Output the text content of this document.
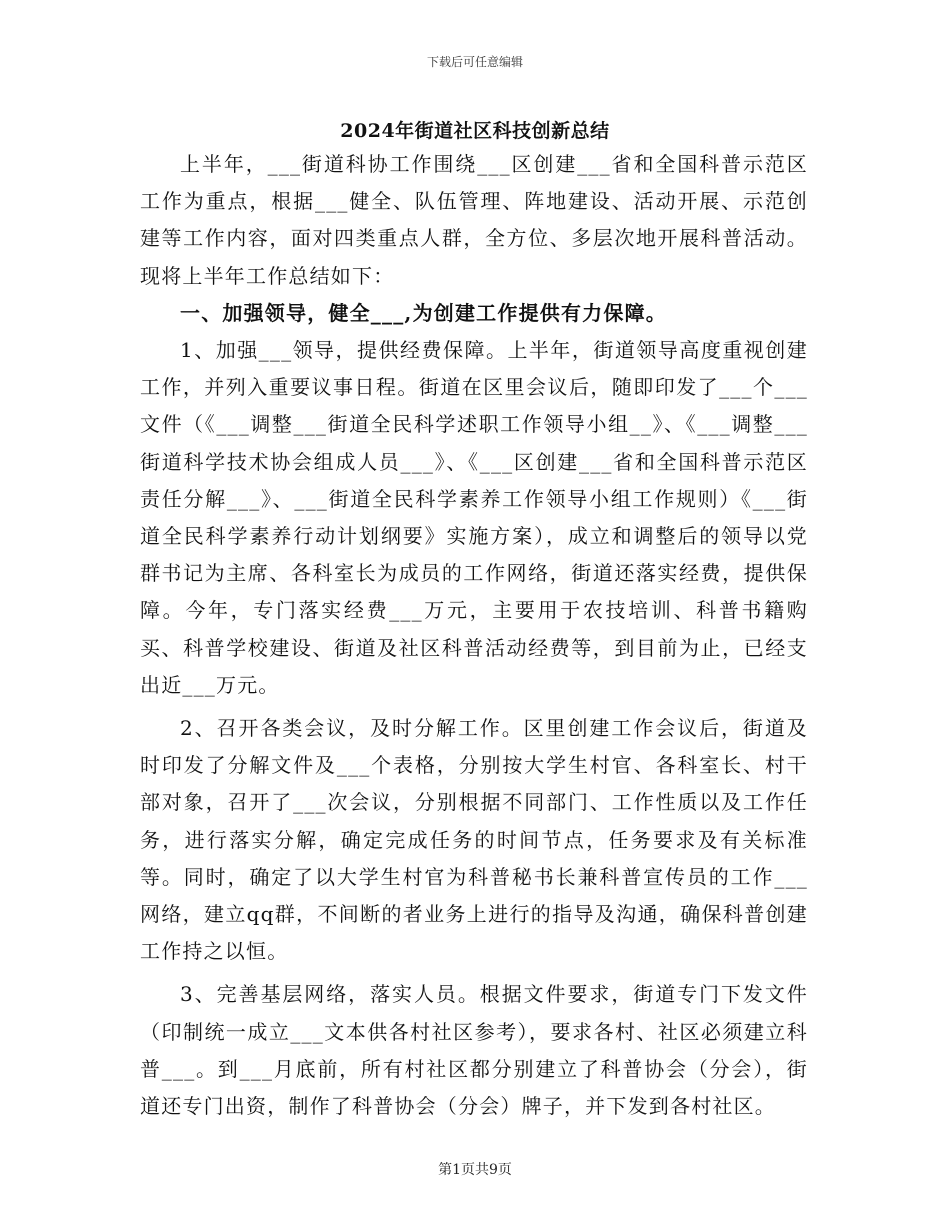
下载后可任意编辑
2024年街道社区科技创新总结

上半年，___街道科协工作围绕___区创建___省和全国科普示范区工作为重点，根据___健全、队伍管理、阵地建设、活动开展、示范创建等工作内容，面对四类重点人群，全方位、多层次地开展科普活动。现将上半年工作总结如下：

一、加强领导，健全___,为创建工作提供有力保障。

1、加强___领导，提供经费保障。上半年，街道领导高度重视创建工作，并列入重要议事日程。街道在区里会议后，随即印发了___个___文件（《___调整___街道全民科学述职工作领导小组__》、《___调整___街道科学技术协会组成人员___》、《___区创建___省和全国科普示范区责任分解___》、___街道全民科学素养工作领导小组工作规则）《___街道全民科学素养行动计划纲要》实施方案），成立和调整后的领导以党群书记为主席、各科室长为成员的工作网络，街道还落实经费，提供保障。今年，专门落实经费___万元，主要用于农技培训、科普书籍购买、科普学校建设、街道及社区科普活动经费等，到目前为止，已经支出近___万元。

2、召开各类会议，及时分解工作。区里创建工作会议后，街道及时印发了分解文件及___个表格，分别按大学生村官、各科室长、村干部对象，召开了___次会议，分别根据不同部门、工作性质以及工作任务，进行落实分解，确定完成任务的时间节点，任务要求及有关标准等。同时，确定了以大学生村官为科普秘书长兼科普宣传员的工作___网络，建立qq群，不间断的者业务上进行的指导及沟通，确保科普创建工作持之以恒。

3、完善基层网络，落实人员。根据文件要求，街道专门下发文件（印制统一成立___文本供各村社区参考），要求各村、社区必须建立科普___。到___月底前，所有村社区都分别建立了科普协会（分会），街道还专门出资，制作了科普协会（分会）牌子，并下发到各村社区。

第1页共9页
